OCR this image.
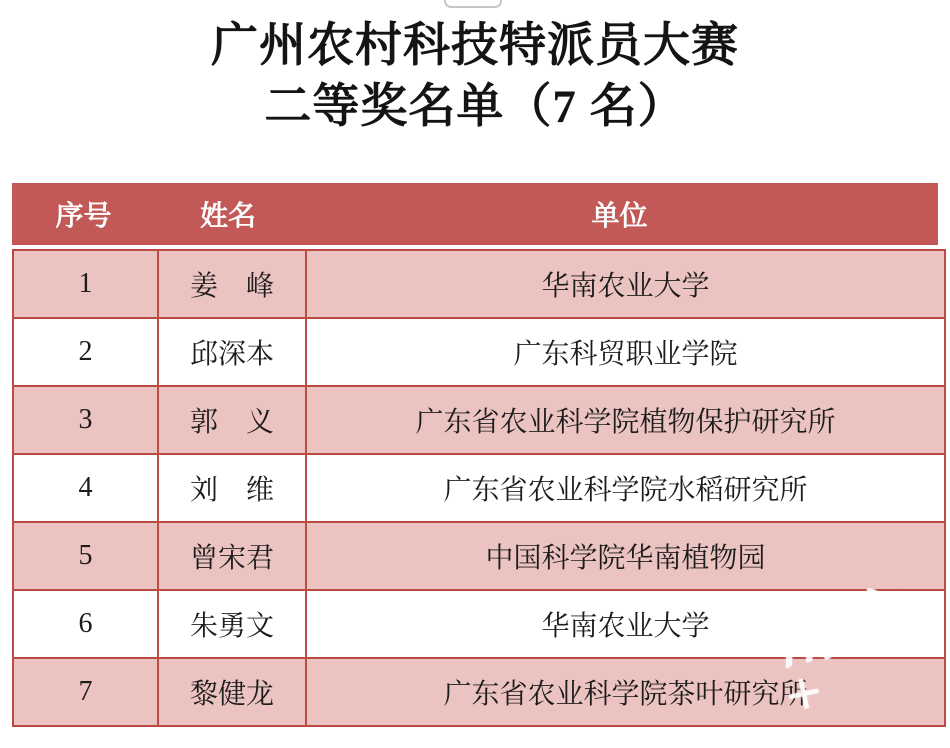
广州农村科技特派员大赛
二等奖名单（7 名）
序号	姓名	单位
1	姜　峰	华南农业大学
2	邱深本	广东科贸职业学院
3	郭　义	广东省农业科学院植物保护研究所
4	刘　维	广东省农业科学院水稻研究所
5	曾宋君	中国科学院华南植物园
6	朱勇文	华南农业大学
7	黎健龙	广东省农业科学院茶叶研究所
南方+
